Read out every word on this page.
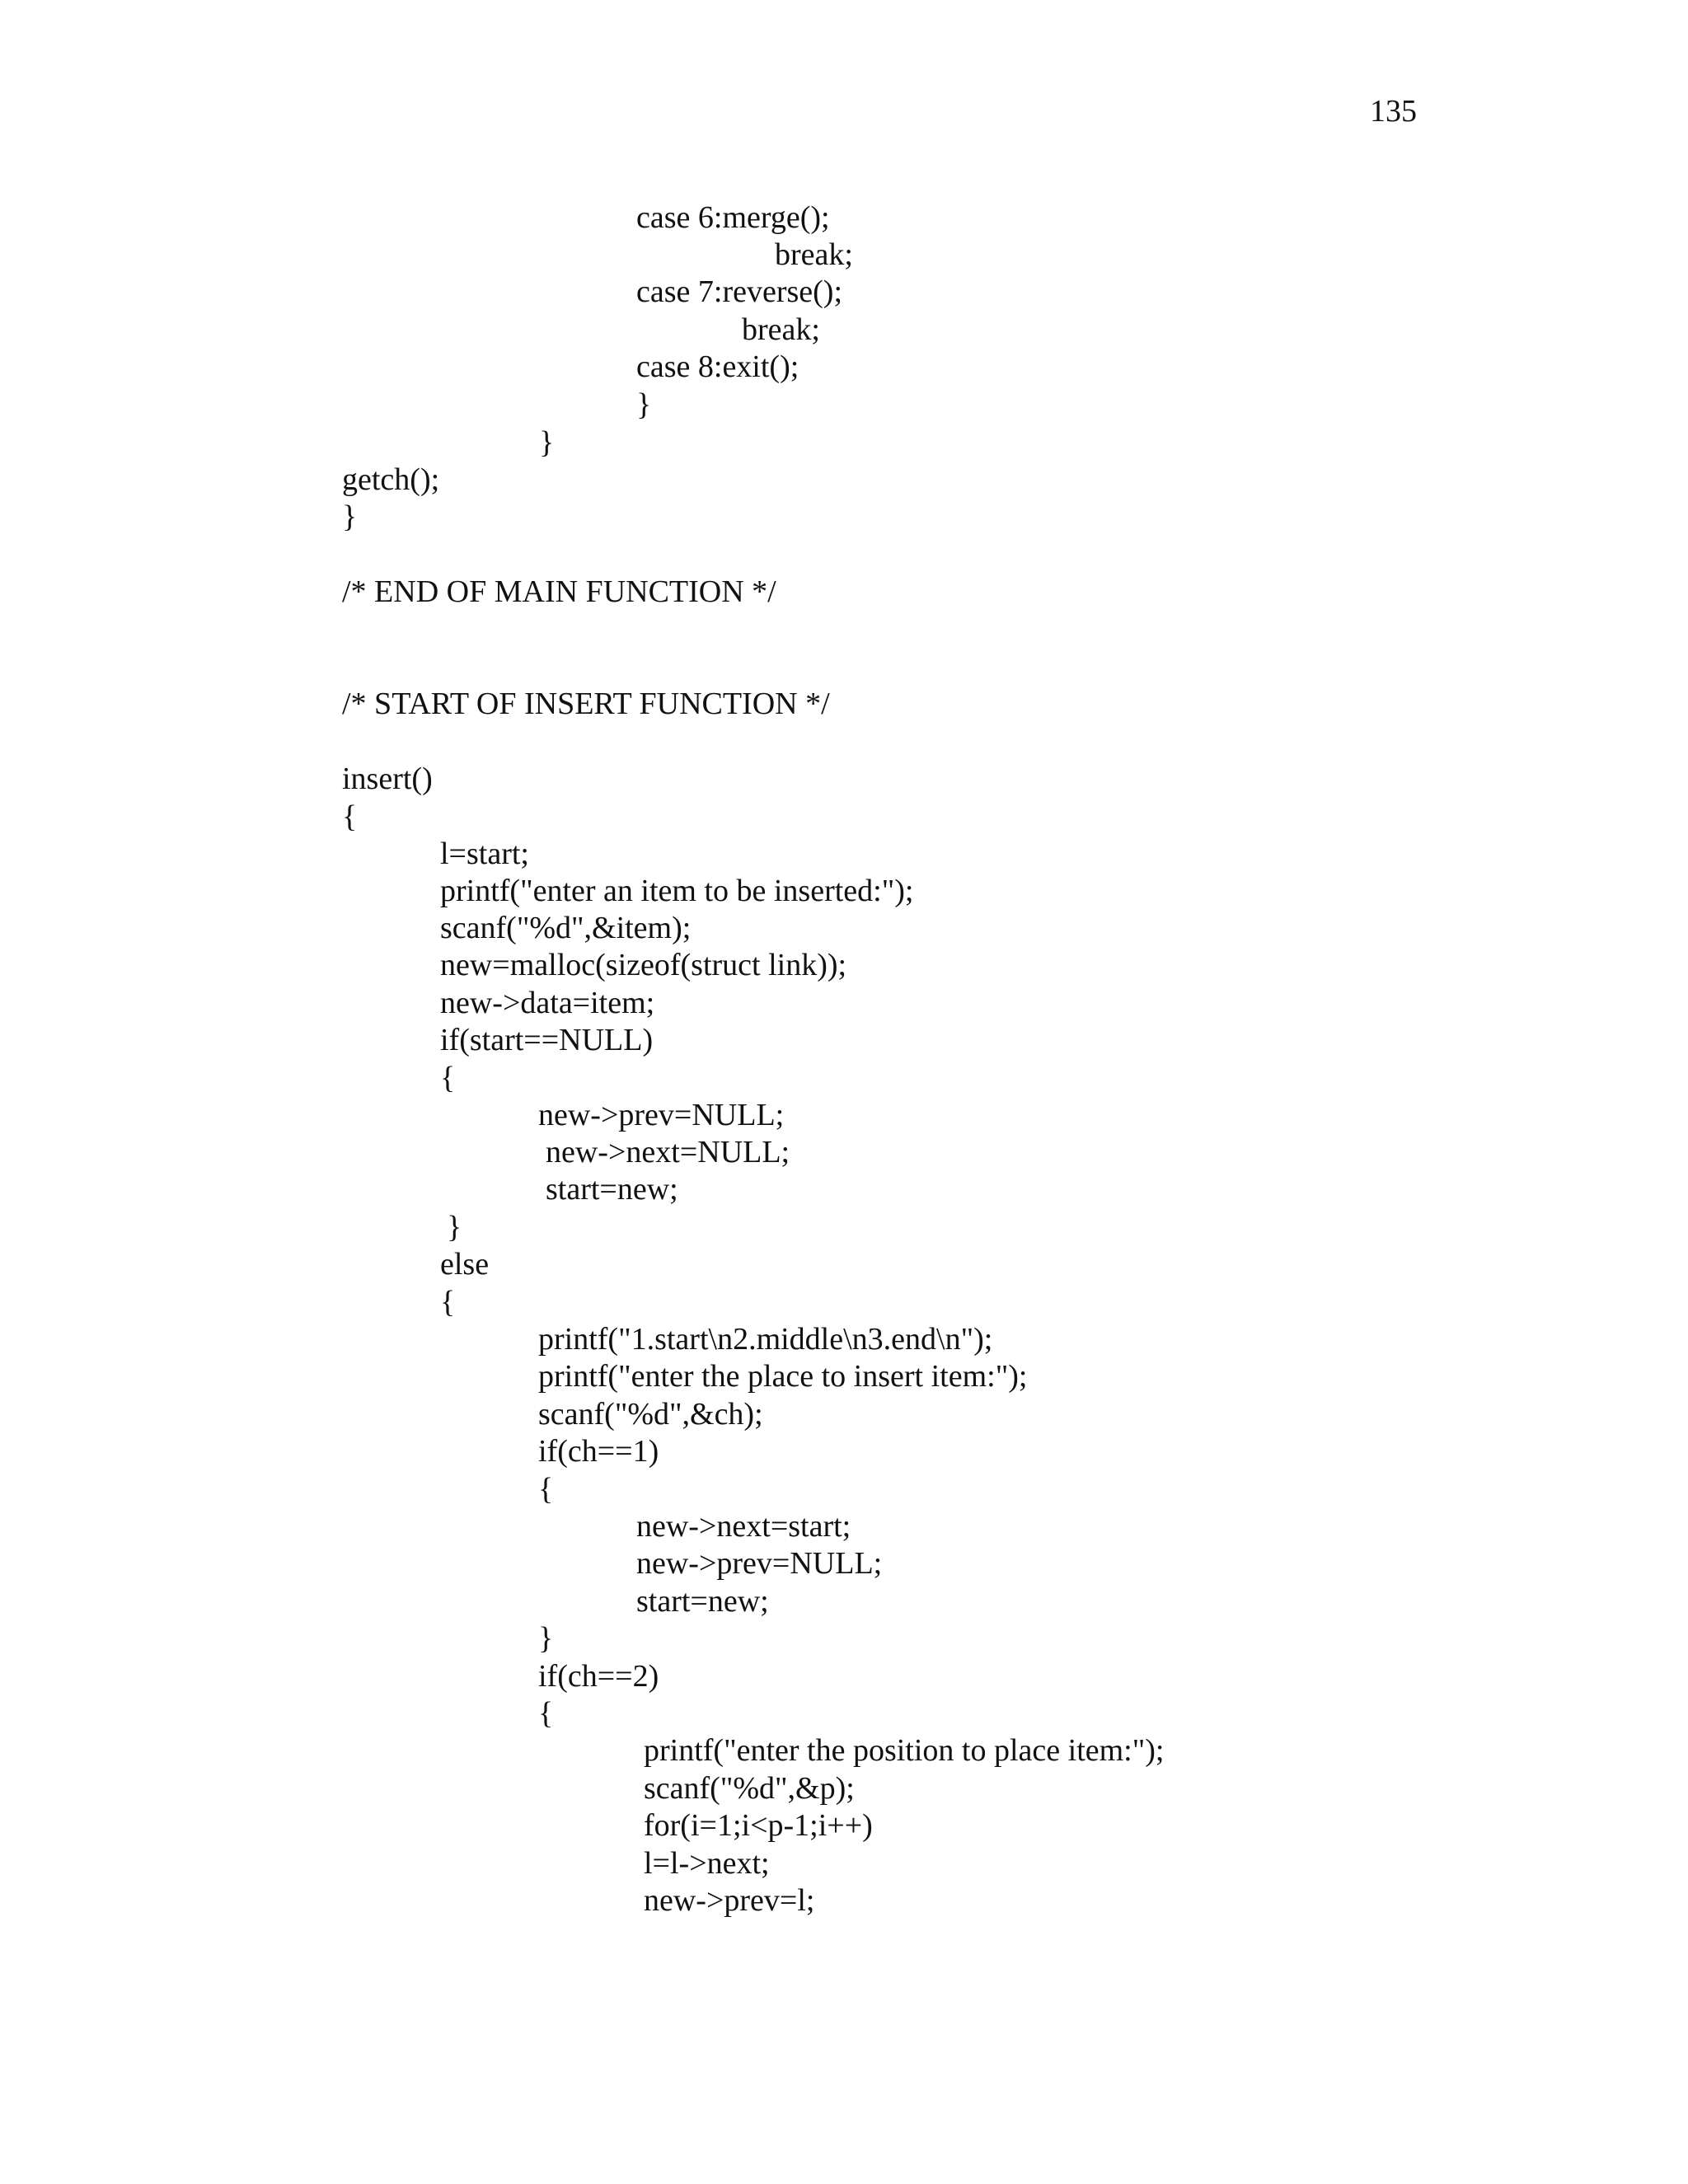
135
case 6:merge();
break;
case 7:reverse();
break;
case 8:exit();
}
}
getch();
}
/* END OF MAIN FUNCTION */
/* START OF INSERT FUNCTION */
insert()
{
l=start;
printf("enter an item to be inserted:");
scanf("%d",&item);
new=malloc(sizeof(struct link));
new->data=item;
if(start==NULL)
{
new->prev=NULL;
new->next=NULL;
start=new;
}
else
{
printf("1.start\n2.middle\n3.end\n");
printf("enter the place to insert item:");
scanf("%d",&ch);
if(ch==1)
{
new->next=start;
new->prev=NULL;
start=new;
}
if(ch==2)
{
printf("enter the position to place item:");
scanf("%d",&p);
for(i=1;i<p-1;i++)
l=l->next;
new->prev=l;
